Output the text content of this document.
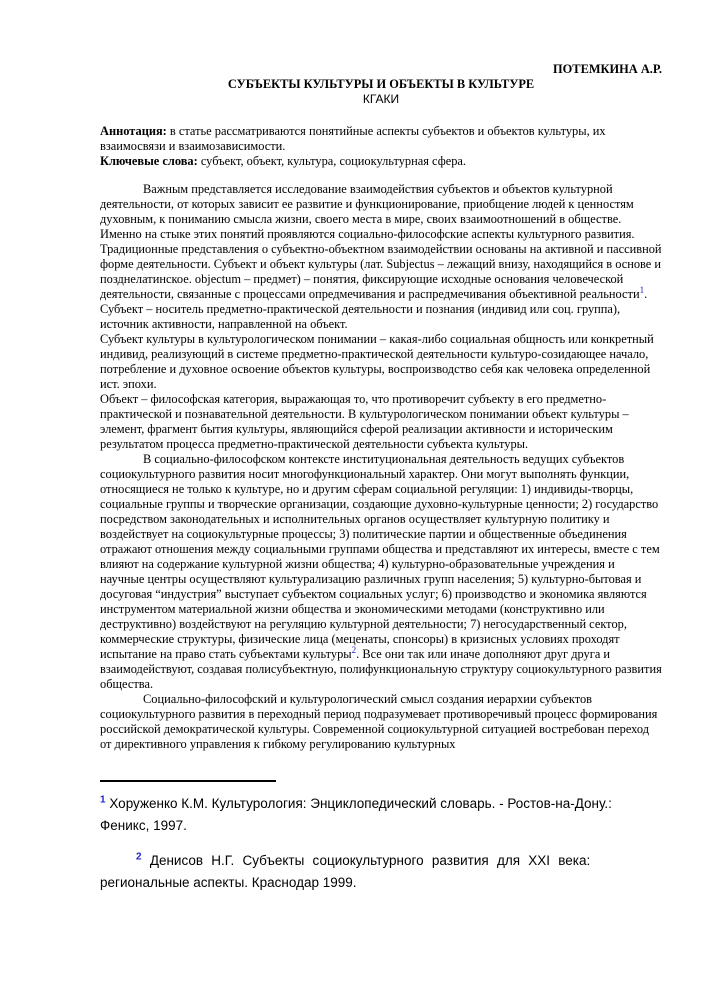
ПОТЕМКИНА А.Р.
СУБЪЕКТЫ КУЛЬТУРЫ И ОБЪЕКТЫ В КУЛЬТУРЕ
КГАКИ
Аннотация: в статье рассматриваются понятийные аспекты субъектов и объектов культуры, их взаимосвязи и взаимозависимости.
Ключевые слова: субъект, объект, культура, социокультурная сфера.

Важным представляется исследование взаимодействия субъектов и объектов культурной деятельности, от которых зависит ее развитие и функционирование, приобщение людей к ценностям духовным, к пониманию смысла жизни, своего места в мире, своих взаимоотношений в обществе. Именно на стыке этих понятий проявляются социально-философские аспекты культурного развития.

Традиционные представления о субъектно-объектном взаимодействии основаны на активной и пассивной форме деятельности. Субъект и объект культуры (лат. Subjectus – лежащий внизу, находящийся в основе и позднелатинское. objectum – предмет) – понятия, фиксирующие исходные основания человеческой деятельности, связанные с процессами опредмечивания и распредмечивания объективной реальности$^1$.

Субъект – носитель предметно-практической деятельности и познания (индивид или соц. группа), источник активности, направленной на объект.

Субъект культуры в культурологическом понимании – какая-либо социальная общность или конкретный индивид, реализующий в системе предметно-практической деятельности культуро-созидающее начало, потребление и духовное освоение объектов культуры, воспроизводство себя как человека определенной ист. эпохи.

Объект – философская категория, выражающая то, что противоречит субъекту в его предметно-практической и познавательной деятельности. В культурологическом понимании объект культуры – элемент, фрагмент бытия культуры, являющийся сферой реализации активности и историческим результатом процесса предметно-практической деятельности субъекта культуры.

В социально-философском контексте институциональная деятельность ведущих субъектов социокультурного развития носит многофункциональный характер. Они могут выполнять функции, относящиеся не только к культуре, но и другим сферам социальной регуляции: 1) индивиды-творцы, социальные группы и творческие организации, создающие духовно-культурные ценности; 2) государство посредством законодательных и исполнительных органов осуществляет культурную политику и воздействует на социокультурные процессы; 3) политические партии и общественные объединения отражают отношения между социальными группами общества и представляют их интересы, вместе с тем влияют на содержание культурной жизни общества; 4) культурно-образовательные учреждения и научные центры осуществляют культурализацию различных групп населения; 5) культурно-бытовая и досуговая “индустрия” выступает субъектом социальных услуг; 6) производство и экономика являются инструментом материальной жизни общества и экономическими методами (конструктивно или деструктивно) воздействуют на регуляцию культурной деятельности; 7) негосударственный сектор, коммерческие структуры, физические лица (меценаты, спонсоры) в кризисных условиях проходят испытание на право стать субъектами культуры$^2$. Все они так или иначе дополняют друг друга и взаимодействуют, создавая полисубъектную, полифункциональную структуру социокультурного развития общества.

Социально-философский и культурологический смысл создания иерархии субъектов социокультурного развития в переходный период подразумевает противоречивый процесс формирования российской демократической культуры. Современной социокультурной ситуацией востребован переход от директивного управления к гибкому регулированию культурных

$^1$ Хоруженко К.М. Культурология: Энциклопедический словарь. - Ростов-на-Дону.:
Феникс, 1997.
$^2$ Денисов Н.Г. Субъекты социокультурного развития для XXI века:
региональные аспекты. Краснодар 1999.
